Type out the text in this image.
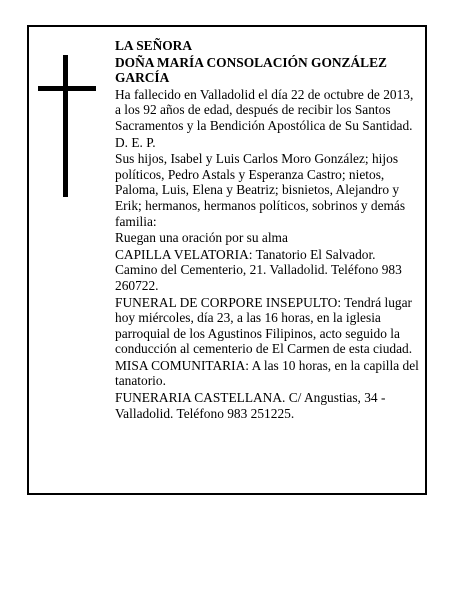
LA SEÑORA

DOÑA MARÍA CONSOLACIÓN GONZÁLEZ GARCÍA

Ha fallecido en Valladolid el día 22 de octubre de 2013, a los 92 años de edad, después de recibir los Santos Sacramentos y la Bendición Apostólica de Su Santidad.

D. E. P.

Sus hijos, Isabel y Luis Carlos Moro González; hijos políticos, Pedro Astals y Esperanza Castro; nietos, Paloma, Luis, Elena y Beatriz; bisnietos, Alejandro y Erik; hermanos, hermanos políticos, sobrinos y demás familia:

Ruegan una oración por su alma

CAPILLA VELATORIA: Tanatorio El Salvador. Camino del Cementerio, 21. Valladolid. Teléfono 983 260722.

FUNERAL DE CORPORE INSEPULTO: Tendrá lugar hoy miércoles, día 23, a las 16 horas, en la iglesia parroquial de los Agustinos Filipinos, acto seguido la conducción al cementerio de El Carmen de esta ciudad.

MISA COMUNITARIA: A las 10 horas, en la capilla del tanatorio.

FUNERARIA CASTELLANA. C/ Angustias, 34 - Valladolid. Teléfono 983 251225.
